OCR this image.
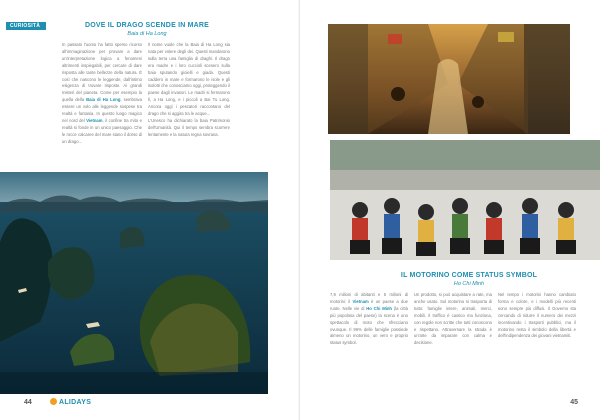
CURIOSITÀ	DOVE IL DRAGO SCENDE IN MARE
Baia di Ha Long
In passato l'uomo ha fatto sperso ricorso all'immaginazione per provare a dare un'interpretazione logica a fenomeni altrimenti inspiegabili, per cercare di dare risposta alle tante bellezze della natura. È così che nascono le leggende, dall'intimo esigenza di trovare risposte. Ai grandi misteri del pianeta. Come per esempio la quella della Baia di Ha Long, sembrava essere un volo alle leggende sospese tra realtà e fantasia. In questo luogo magico nel nord del Vietnam, il confine tra mito e realtà si fonde in un unico paesaggio. Che le rocce calcaree del mare siano il dorso di un drago...
Il nome vuole che la Baia di Ha Long sia nata per volere degli dei. Questi mandarono sulla terra una famiglia di draghi. Il drago era madre e i loro cuccioli scesero sulla baia sputando gioielli e giada. Questi caddero in mare e formarono le isole e gli isolotti che conosciamo oggi, proteggendo il paese dagli invasori. Le madri si fermarono lì, a Ha Long, e i piccoli a Bai Tu Long. Ancora oggi i pescatori raccontano del drago che si aggira tra le acque...
L'Unesco ha dichiarato la baia Patrimonio dell'Umanità. Qui il tempo sembra scorrere lentamente e la natura regna sovrana.
44	ALIDAYS
IL MOTORINO COME STATUS SYMBOL
Ho Chi Minh
7,9 milioni di abitanti e 5 milioni di motorini: il Vietnam è un paese a due ruote. Nelle vie di Ho Chi Minh (la città più popolosa del paese) la scena è uno spettacolo di moto che sfrecciano ovunque. Il 96% delle famiglie possiede almeno un motorino, un vero e proprio status symbol.
Un prodotto, si può acquistare a rate, ma anche usato. Sul motorino si trasporta di tutto: famiglie intere, animali, merci, mobili. Il traffico è caotico ma funziona, con regole non scritte che tutti conoscono e rispettano. Attraversare la strada è un'arte da imparare con calma e decisione.
Nel tempo i motorini hanno cambiato forma e colore, e i modelli più recenti sono sempre più diffusi. Il Governo sta cercando di ridurre il numero dei mezzi incentivando i trasporti pubblici, ma il motorino resta il simbolo della libertà e dell'indipendenza dei giovani vietnamiti.
45
